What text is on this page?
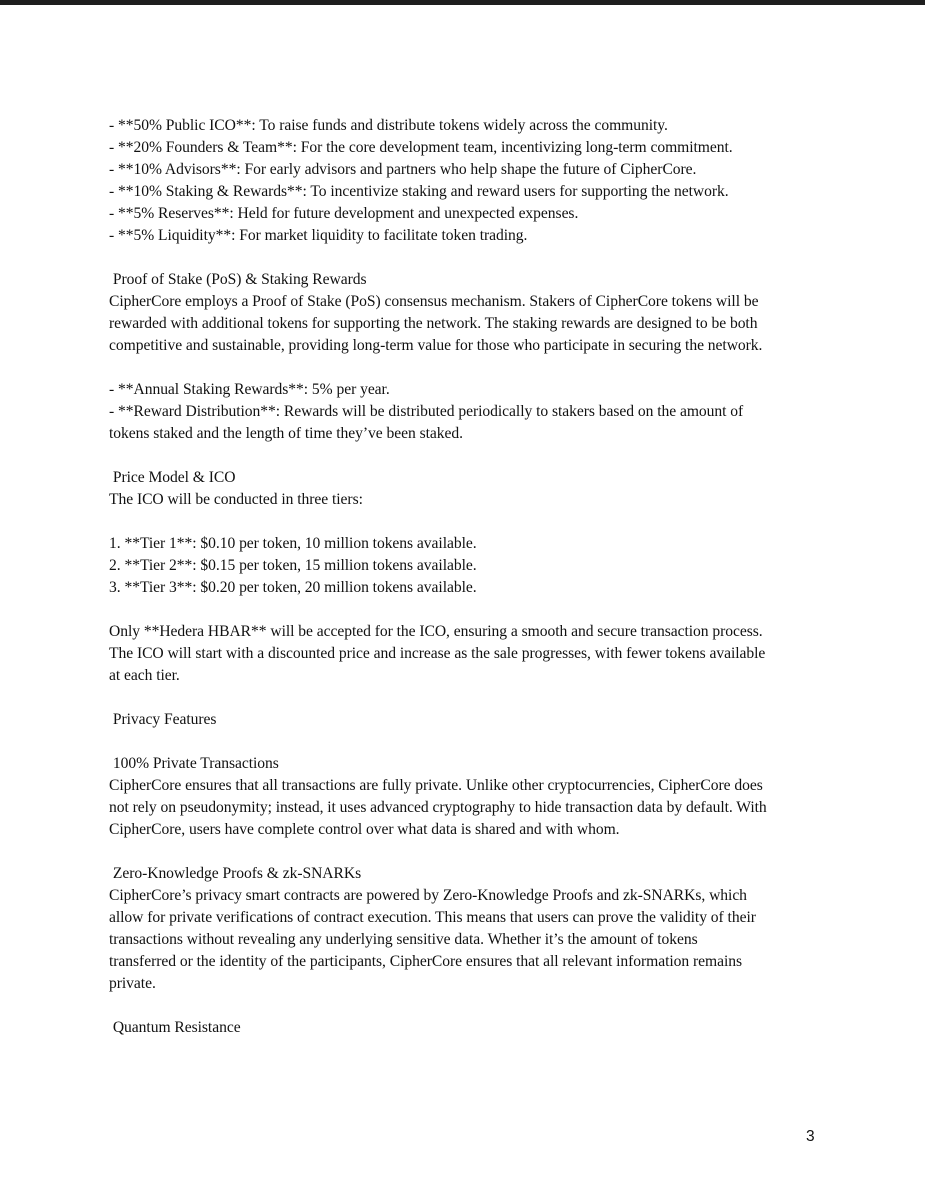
- **50% Public ICO**: To raise funds and distribute tokens widely across the community.
- **20% Founders & Team**: For the core development team, incentivizing long-term commitment.
- **10% Advisors**: For early advisors and partners who help shape the future of CipherCore.
- **10% Staking & Rewards**: To incentivize staking and reward users for supporting the network.
- **5% Reserves**: Held for future development and unexpected expenses.
- **5% Liquidity**: For market liquidity to facilitate token trading.
Proof of Stake (PoS) & Staking Rewards
CipherCore employs a Proof of Stake (PoS) consensus mechanism. Stakers of CipherCore tokens will be
rewarded with additional tokens for supporting the network. The staking rewards are designed to be both
competitive and sustainable, providing long-term value for those who participate in securing the network.
- **Annual Staking Rewards**: 5% per year.
- **Reward Distribution**: Rewards will be distributed periodically to stakers based on the amount of
tokens staked and the length of time they’ve been staked.
Price Model & ICO
The ICO will be conducted in three tiers:
1. **Tier 1**: $0.10 per token, 10 million tokens available.
2. **Tier 2**: $0.15 per token, 15 million tokens available.
3. **Tier 3**: $0.20 per token, 20 million tokens available.
Only **Hedera HBAR** will be accepted for the ICO, ensuring a smooth and secure transaction process.
The ICO will start with a discounted price and increase as the sale progresses, with fewer tokens available
at each tier.
Privacy Features
100% Private Transactions
CipherCore ensures that all transactions are fully private. Unlike other cryptocurrencies, CipherCore does
not rely on pseudonymity; instead, it uses advanced cryptography to hide transaction data by default. With
CipherCore, users have complete control over what data is shared and with whom.
Zero-Knowledge Proofs & zk-SNARKs
CipherCore’s privacy smart contracts are powered by Zero-Knowledge Proofs and zk-SNARKs, which
allow for private verifications of contract execution. This means that users can prove the validity of their
transactions without revealing any underlying sensitive data. Whether it’s the amount of tokens
transferred or the identity of the participants, CipherCore ensures that all relevant information remains
private.
Quantum Resistance
3
